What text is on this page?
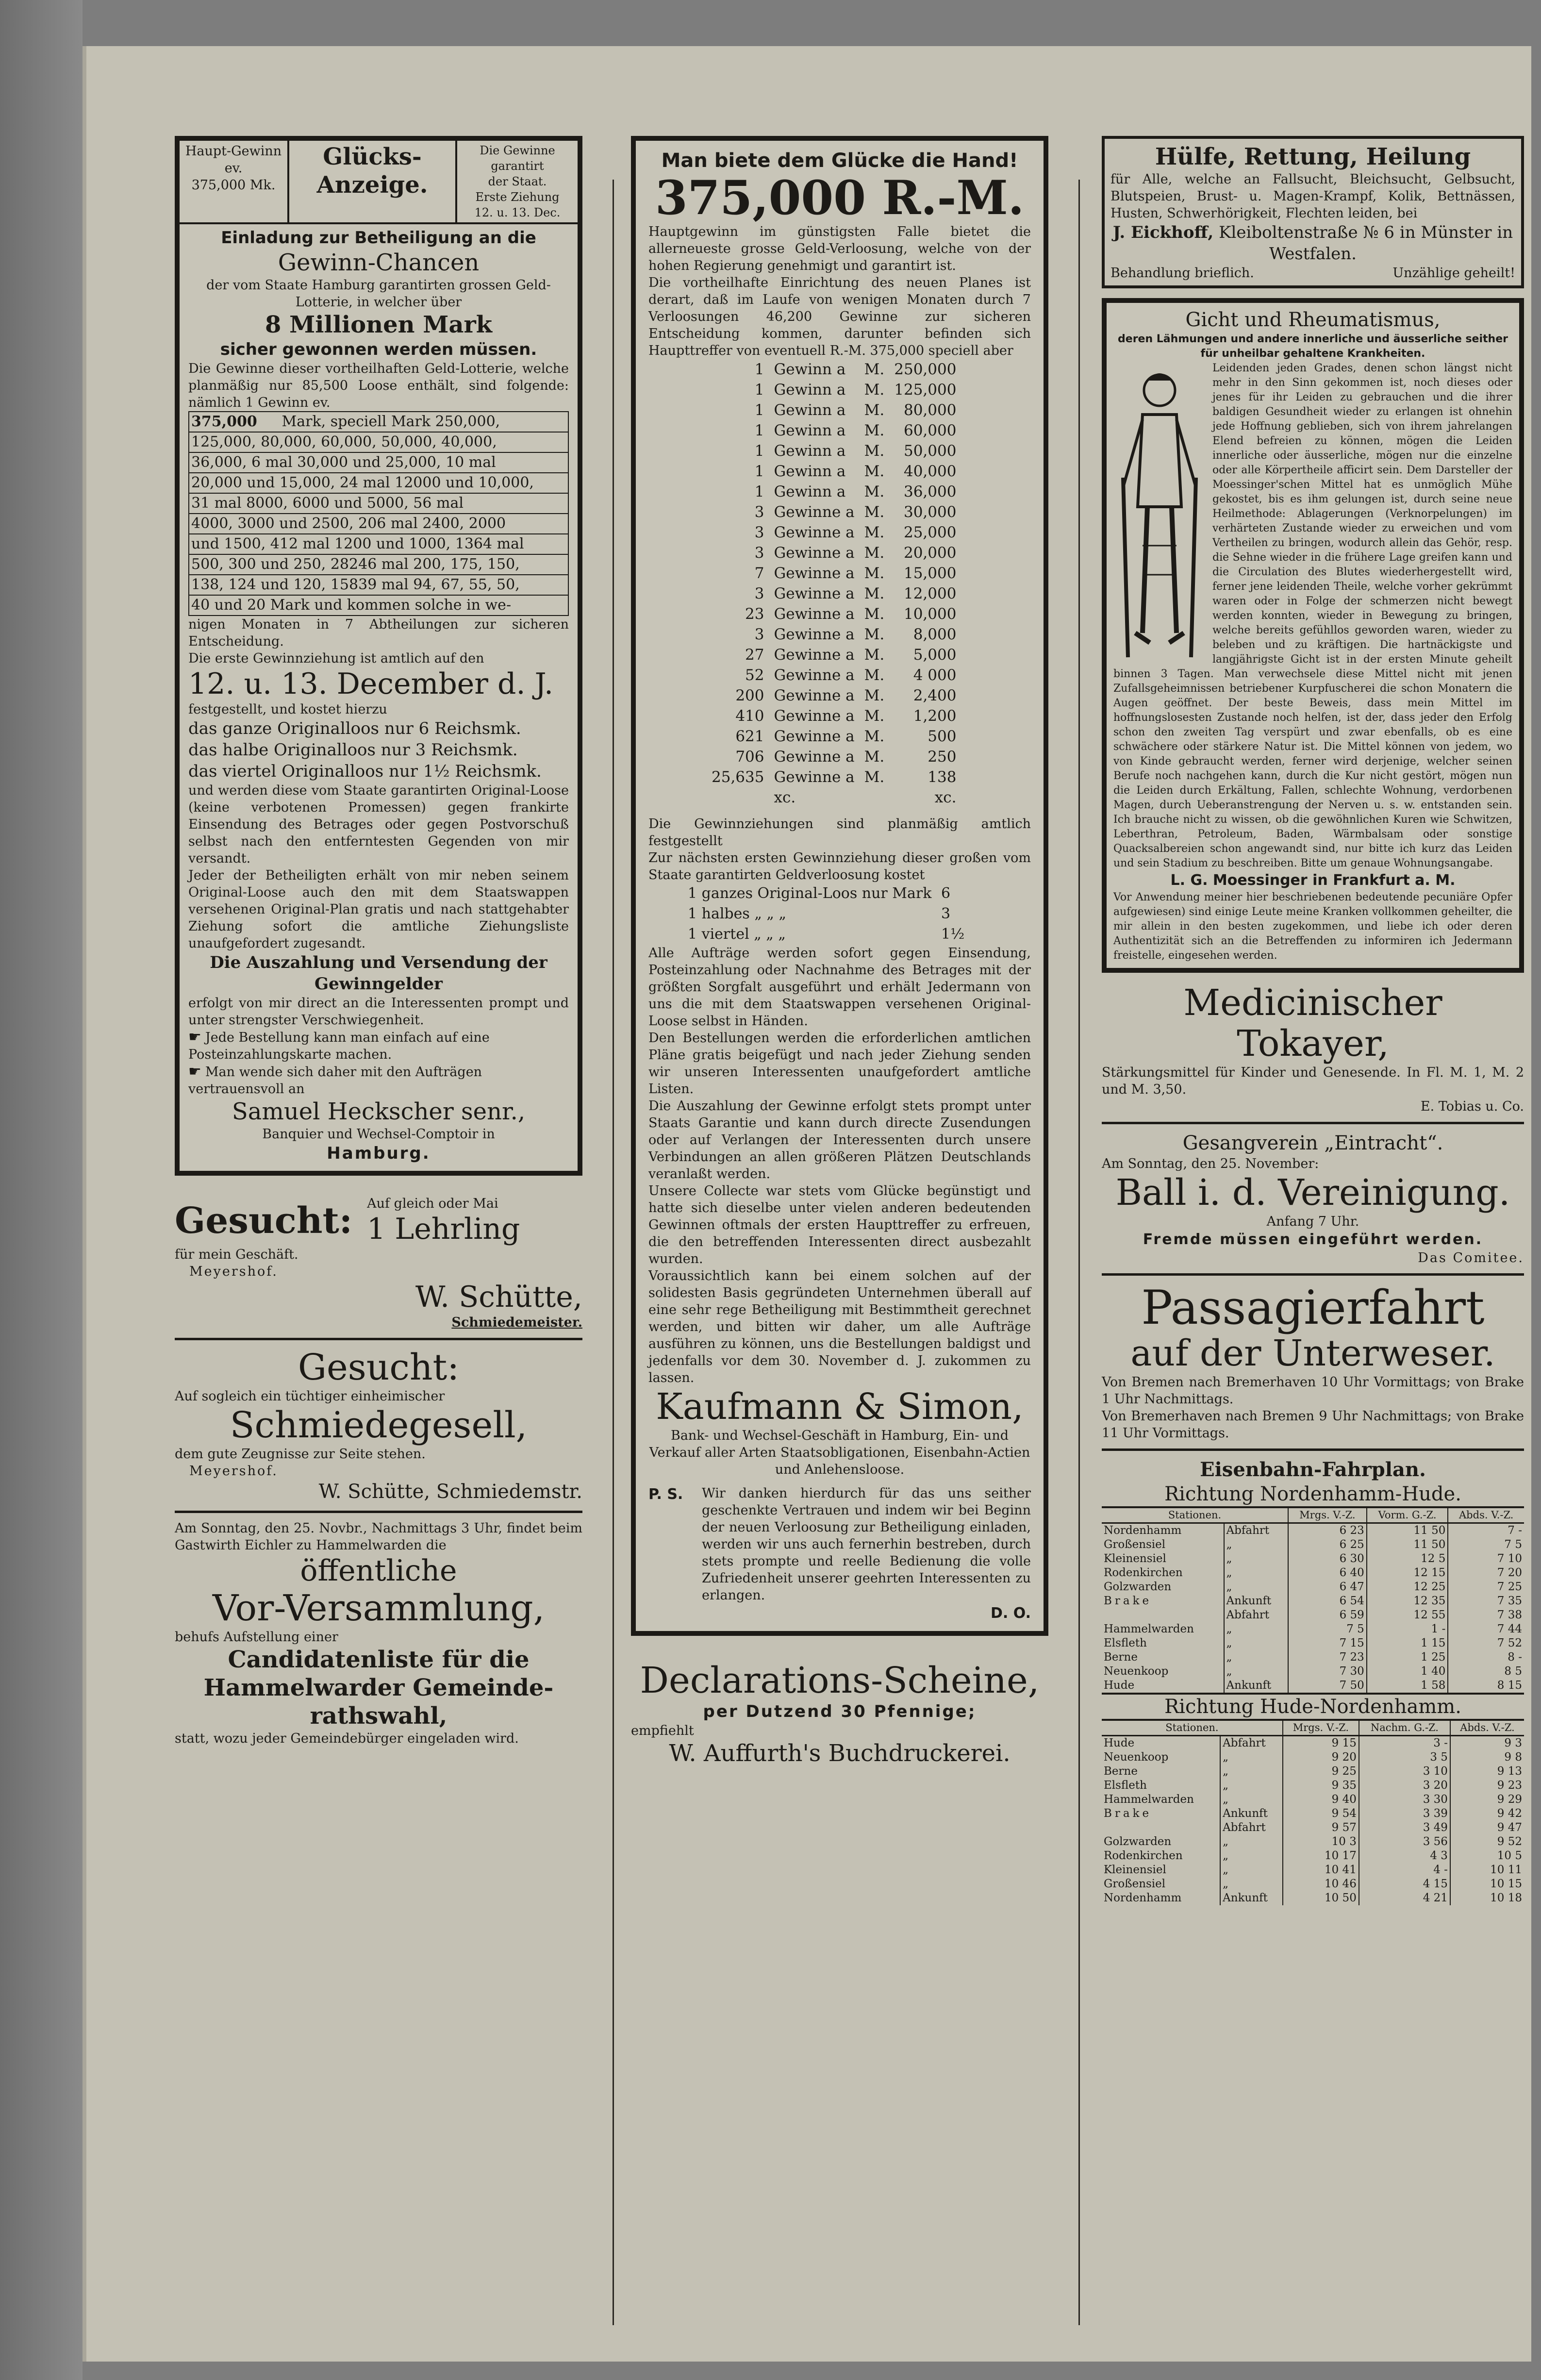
Haupt-Gewinn
ev.
375,000 Mk.
Glücks-
Anzeige.
Die Gewinne
garantirt
der Staat.
Erste Ziehung
12. u. 13. Dec.
Einladung zur Betheiligung an die
Gewinn-Chancen
der vom Staate Hamburg garantirten grossen Geld-Lotterie, in welcher über
8 Millionen Mark
sicher gewonnen werden müssen.
Die Gewinne dieser vortheilhaften Geld-Lotterie, welche planmäßig nur 85,500 Loose enthält, sind folgende: nämlich 1 Gewinn ev.
375,000	Mark, speciell Mark 250,000,
125,000, 80,000, 60,000, 50,000, 40,000,
36,000, 6 mal 30,000 und 25,000, 10 mal
20,000 und 15,000, 24 mal 12000 und 10,000,
31 mal 8000, 6000 und 5000, 56 mal
4000, 3000 und 2500, 206 mal 2400, 2000
und 1500, 412 mal 1200 und 1000, 1364 mal
500, 300 und 250, 28246 mal 200, 175, 150,
138, 124 und 120, 15839 mal 94, 67, 55, 50,
40 und 20 Mark und kommen solche in we-
nigen Monaten in 7 Abtheilungen zur sicheren Entscheidung.
Die erste Gewinnziehung ist amtlich auf den
12. u. 13. December d. J.
festgestellt, und kostet hierzu
das ganze Originalloos nur 6 Reichsmk.
das halbe Originalloos nur 3 Reichsmk.
das viertel Originalloos nur 1½ Reichsmk.
und werden diese vom Staate garantirten Original-Loose (keine verbotenen Promessen) gegen frankirte Einsendung des Betrages oder gegen Postvorschuß selbst nach den entferntesten Gegenden von mir versandt.
Jeder der Betheiligten erhält von mir neben seinem Original-Loose auch den mit dem Staatswappen versehenen Original-Plan gratis und nach stattgehabter Ziehung sofort die amtliche Ziehungsliste unaufgefordert zugesandt.
Die Auszahlung und Versendung der Gewinngelder
erfolgt von mir direct an die Interessenten prompt und unter strengster Verschwiegenheit.
☛ Jede Bestellung kann man einfach auf eine Posteinzahlungskarte machen.
☛ Man wende sich daher mit den Aufträgen vertrauensvoll an
Samuel Heckscher senr.,
Banquier und Wechsel-Comptoir in
Hamburg.
Gesucht: Auf gleich oder Mai
1 Lehrling
für mein Geschäft.
Meyershof.
W. Schütte,
Schmiedemeister.
Gesucht:
Auf sogleich ein tüchtiger einheimischer
Schmiedegesell,
dem gute Zeugnisse zur Seite stehen.
Meyershof.
W. Schütte, Schmiedemstr.
Am Sonntag, den 25. Novbr., Nachmittags 3 Uhr, findet beim Gastwirth Eichler zu Hammelwarden die
öffentliche
Vor-Versammlung,
behufs Aufstellung einer
Candidatenliste für die Hammelwarder Gemeinde-rathswahl,
statt, wozu jeder Gemeindebürger eingeladen wird.
Man biete dem Glücke die Hand!
375,000 R.-M.
Hauptgewinn im günstigsten Falle bietet die allerneueste grosse Geld-Verloosung, welche von der hohen Regierung genehmigt und garantirt ist.
Die vortheilhafte Einrichtung des neuen Planes ist derart, daß im Laufe von wenigen Monaten durch 7 Verloosungen 46,200 Gewinne zur sicheren Entscheidung kommen, darunter befinden sich Haupttreffer von eventuell R.-M. 375,000 speciell aber
1	Gewinn a	M.	250,000
1	Gewinn a	M.	125,000
1	Gewinn a	M.	80,000
1	Gewinn a	M.	60,000
1	Gewinn a	M.	50,000
1	Gewinn a	M.	40,000
1	Gewinn a	M.	36,000
3	Gewinne a	M.	30,000
3	Gewinne a	M.	25,000
3	Gewinne a	M.	20,000
7	Gewinne a	M.	15,000
3	Gewinne a	M.	12,000
23	Gewinne a	M.	10,000
3	Gewinne a	M.	8,000
27	Gewinne a	M.	5,000
52	Gewinne a	M.	4 000
200	Gewinne a	M.	2,400
410	Gewinne a	M.	1,200
621	Gewinne a	M.	500
706	Gewinne a	M.	250
25,635	Gewinne a	M.	138
	xc.		xc.
Die Gewinnziehungen sind planmäßig amtlich festgestellt
Zur nächsten ersten Gewinnziehung dieser großen vom Staate garantirten Geldverloosung kostet
1 ganzes Original-Loos nur Mark	6
1 halbes „ „ „	3
1 viertel „ „ „	1½
Alle Aufträge werden sofort gegen Einsendung, Posteinzahlung oder Nachnahme des Betrages mit der größten Sorgfalt ausgeführt und erhält Jedermann von uns die mit dem Staatswappen versehenen Original-Loose selbst in Händen.
Den Bestellungen werden die erforderlichen amtlichen Pläne gratis beigefügt und nach jeder Ziehung senden wir unseren Interessenten unaufgefordert amtliche Listen.
Die Auszahlung der Gewinne erfolgt stets prompt unter Staats Garantie und kann durch directe Zusendungen oder auf Verlangen der Interessenten durch unsere Verbindungen an allen größeren Plätzen Deutschlands veranlaßt werden.
Unsere Collecte war stets vom Glücke begünstigt und hatte sich dieselbe unter vielen anderen bedeutenden Gewinnen oftmals der ersten Haupttreffer zu erfreuen, die den betreffenden Interessenten direct ausbezahlt wurden.
Voraussichtlich kann bei einem solchen auf der solidesten Basis gegründeten Unternehmen überall auf eine sehr rege Betheiligung mit Bestimmtheit gerechnet werden, und bitten wir daher, um alle Aufträge ausführen zu können, uns die Bestellungen baldigst und jedenfalls vor dem 30. November d. J. zukommen zu lassen.
Kaufmann & Simon,
Bank- und Wechsel-Geschäft in Hamburg, Ein- und Verkauf aller Arten Staatsobligationen, Eisenbahn-Actien und Anlehensloose.
P. S.	Wir danken hierdurch für das uns seither geschenkte Vertrauen und indem wir bei Beginn der neuen Verloosung zur Betheiligung einladen, werden wir uns auch fernerhin bestreben, durch stets prompte und reelle Bedienung die volle Zufriedenheit unserer geehrten Interessenten zu erlangen.
D. O.
Declarations-Scheine,
per Dutzend 30 Pfennige;
empfiehlt
W. Auffurth's Buchdruckerei.
Hülfe, Rettung, Heilung
für Alle, welche an Fallsucht, Bleichsucht, Gelbsucht, Blutspeien, Brust- u. Magen-Krampf, Kolik, Bettnässen, Husten, Schwerhörigkeit, Flechten leiden, bei
J. Eickhoff, Kleiboltenstraße № 6 in Münster in Westfalen.
Behandlung brieflich.	Unzählige geheilt!
Gicht und Rheumatismus,
deren Lähmungen und andere innerliche und äusserliche seither für unheilbar gehaltene Krankheiten.
Leidenden jeden Grades, denen schon längst nicht mehr in den Sinn gekommen ist, noch dieses oder jenes für ihr Leiden zu gebrauchen und die ihrer baldigen Gesundheit wieder zu erlangen ist ohnehin jede Hoffnung geblieben, sich von ihrem jahrelangen Elend befreien zu können, mögen die Leiden innerliche oder äusserliche, mögen nur die einzelne oder alle Körpertheile afficirt sein. Dem Darsteller der Moessinger'schen Mittel hat es unmöglich Mühe gekostet, bis es ihm gelungen ist, durch seine neue Heilmethode: Ablagerungen (Verknorpelungen) im verhärteten Zustande wieder zu erweichen und vom Vertheilen zu bringen, wodurch allein das Gehör, resp. die Sehne wieder in die frühere Lage greifen kann und die Circulation des Blutes wiederhergestellt wird, ferner jene leidenden Theile, welche vorher gekrümmt waren oder in Folge der schmerzen nicht bewegt werden konnten, wieder in Bewegung zu bringen, welche bereits gefühllos geworden waren, wieder zu beleben und zu kräftigen. Die hartnäckigste und langjährigste Gicht ist in der ersten Minute geheilt binnen 3 Tagen. Man verwechsele diese Mittel nicht mit jenen Zufallsgeheimnissen betriebener Kurpfuscherei die schon Monatern die Augen geöffnet. Der beste Beweis, dass mein Mittel im hoffnungslosesten Zustande noch helfen, ist der, dass jeder den Erfolg schon den zweiten Tag verspürt und zwar ebenfalls, ob es eine schwächere oder stärkere Natur ist. Die Mittel können von jedem, wo von Kinde gebraucht werden, ferner wird derjenige, welcher seinen Berufe noch nachgehen kann, durch die Kur nicht gestört, mögen nun die Leiden durch Erkältung, Fallen, schlechte Wohnung, verdorbenen Magen, durch Ueberanstrengung der Nerven u. s. w. entstanden sein. Ich brauche nicht zu wissen, ob die gewöhnlichen Kuren wie Schwitzen, Leberthran, Petroleum, Baden, Wärmbalsam oder sonstige Quacksalbereien schon angewandt sind, nur bitte ich kurz das Leiden und sein Stadium zu beschreiben. Bitte um genaue Wohnungsangabe.
L. G. Moessinger in Frankfurt a. M.
Vor Anwendung meiner hier beschriebenen bedeutende pecuniäre Opfer aufgewiesen) sind einige Leute meine Kranken vollkommen geheilter, die mir allein in den besten zugekommen, und liebe ich oder deren Authentizität sich an die Betreffenden zu informiren ich Jedermann freistelle, eingesehen werden.
Medicinischer Tokayer,
Stärkungsmittel für Kinder und Genesende. In Fl. M. 1, M. 2 und M. 3,50.
E. Tobias u. Co.
Gesangverein „Eintracht“.
Am Sonntag, den 25. November:
Ball i. d. Vereinigung.
Anfang 7 Uhr.
Fremde müssen eingeführt werden.
Das Comitee.
Passagierfahrt
auf der Unterweser.
Von Bremen nach Bremerhaven 10 Uhr Vormittags; von Brake 1 Uhr Nachmittags.
Von Bremerhaven nach Bremen 9 Uhr Nachmittags; von Brake 11 Uhr Vormittags.
Eisenbahn-Fahrplan.
Richtung Nordenhamm-Hude.
Stationen.		Mrgs. V.-Z.	Vorm. G.-Z.	Abds. V.-Z.
Nordenhamm	Abfahrt	6 23	11 50	7 -
Großensiel	„	6 25	11 50	7 5
Kleinensiel	„	6 30	12 5	7 10
Rodenkirchen	„	6 40	12 15	7 20
Golzwarden	„	6 47	12 25	7 25
Brake	Ankunft	6 54	12 35	7 35
	Abfahrt	6 59	12 55	7 38
Hammelwarden	„	7 5	1 -	7 44
Elsfleth	„	7 15	1 15	7 52
Berne	„	7 23	1 25	8 -
Neuenkoop	„	7 30	1 40	8 5
Hude	Ankunft	7 50	1 58	8 15
Richtung Hude-Nordenhamm.
Stationen.		Mrgs. V.-Z.	Nachm. G.-Z.	Abds. V.-Z.
Hude	Abfahrt	9 15	3 -	9 3
Neuenkoop	„	9 20	3 5	9 8
Berne	„	9 25	3 10	9 13
Elsfleth	„	9 35	3 20	9 23
Hammelwarden	„	9 40	3 30	9 29
Brake	Ankunft	9 54	3 39	9 42
	Abfahrt	9 57	3 49	9 47
Golzwarden	„	10 3	3 56	9 52
Rodenkirchen	„	10 17	4 3	10 5
Kleinensiel	„	10 41	4 -	10 11
Großensiel	„	10 46	4 15	10 15
Nordenhamm	Ankunft	10 50	4 21	10 18
